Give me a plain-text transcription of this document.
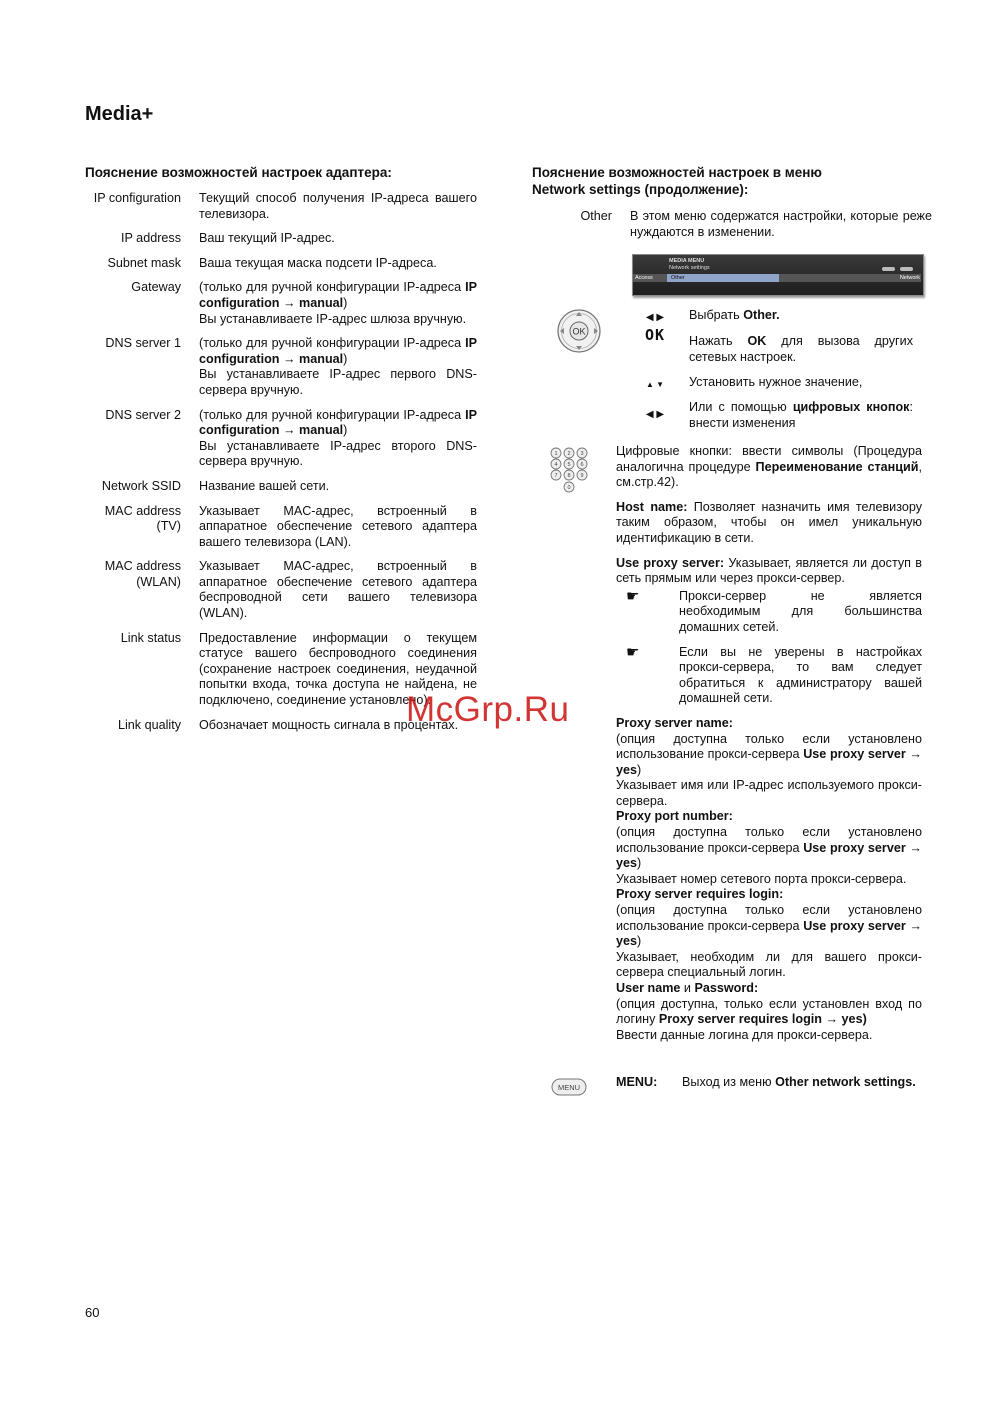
Media+
Пояснение возможностей настроек адаптера:
IP configuration Текущий способ получения IP-адреса вашего телевизора.
IP address Ваш текущий IP-адрес.
Subnet mask Ваша текущая маска подсети IP-адреса.
Gateway (только для ручной конфигурации IP-адреса IP configuration → manual)
Вы устанавливаете IP-адрес шлюза вручную.
DNS server 1 (только для ручной конфигурации IP-адреса IP configuration → manual)
Вы устанавливаете IP-адрес первого DNS-сервера вручную.
DNS server 2 (только для ручной конфигурации IP-адреса IP configuration → manual)
Вы устанавливаете IP-адрес второго DNS-сервера вручную.
Network SSID Название вашей сети.
MAC address (TV)
Указывает MAC-адрес, встроенный в аппаратное обеспечение сетевого адаптера вашего телевизора (LAN).
MAC address (WLAN)
Указывает MAC-адрес, встроенный в аппаратное обеспечение сетевого адаптера беспроводной сети вашего телевизора (WLAN).
Link status Предоставление информации о текущем статусе вашего беспроводного соединения (сохранение настроек соединения, неудачной попытки входа, точка доступа не найдена, не подключено, соединение установлено).
Link quality Обозначает мощность сигнала в процентах.
Пояснение возможностей настроек в меню
Network settings (продолжение):
Other В этом меню содержатся настройки, которые реже нуждаются в изменении.
MEDIA MENU
Network settings
Access	Other	Network
OK
◀ ▶	Выбрать Other.
OK Нажать OK для вызова других сетевых настроек.
▲ ▼	Установить нужное значение,
◀ ▶
Или с помощью цифровых кнопок: внести изменения
1 2 3
4 5 6
7 8 9
0

Цифровые кнопки: ввести символы (Процедура аналогична процедуре Переименование станций, см.стр.42).

Host name: Позволяет назначить имя телевизору таким образом, чтобы он имел уникальную идентификацию в сети.

Use proxy server: Указывает, является ли доступ в сеть прямым или через прокси-сервер.

☛	Прокси-сервер не является необходимым для большинства домашних сетей.
☛	Если вы не уверены в настройках прокси-сервера, то вам следует обратиться к администратору вашей домашней сети.

Proxy server name:
(опция доступна только если установлено использование прокси-сервера Use proxy server → yes)
Указывает имя или IP-адрес используемого прокси-сервера.

Proxy port number:
(опция доступна только если установлено использование прокси-сервера Use proxy server → yes)
Указывает номер сетевого порта прокси-сервера.

Proxy server requires login:
(опция доступна только если установлено использование прокси-сервера Use proxy server → yes)
Указывает, необходим ли для вашего прокси-сервера специальный логин.

User name и Password:
(опция доступна, только если установлен вход по логину Proxy server requires login → yes)
Ввести данные логина для прокси-сервера.

MENU	MENU: Выход из меню Other network settings.
McGrp.Ru
60
